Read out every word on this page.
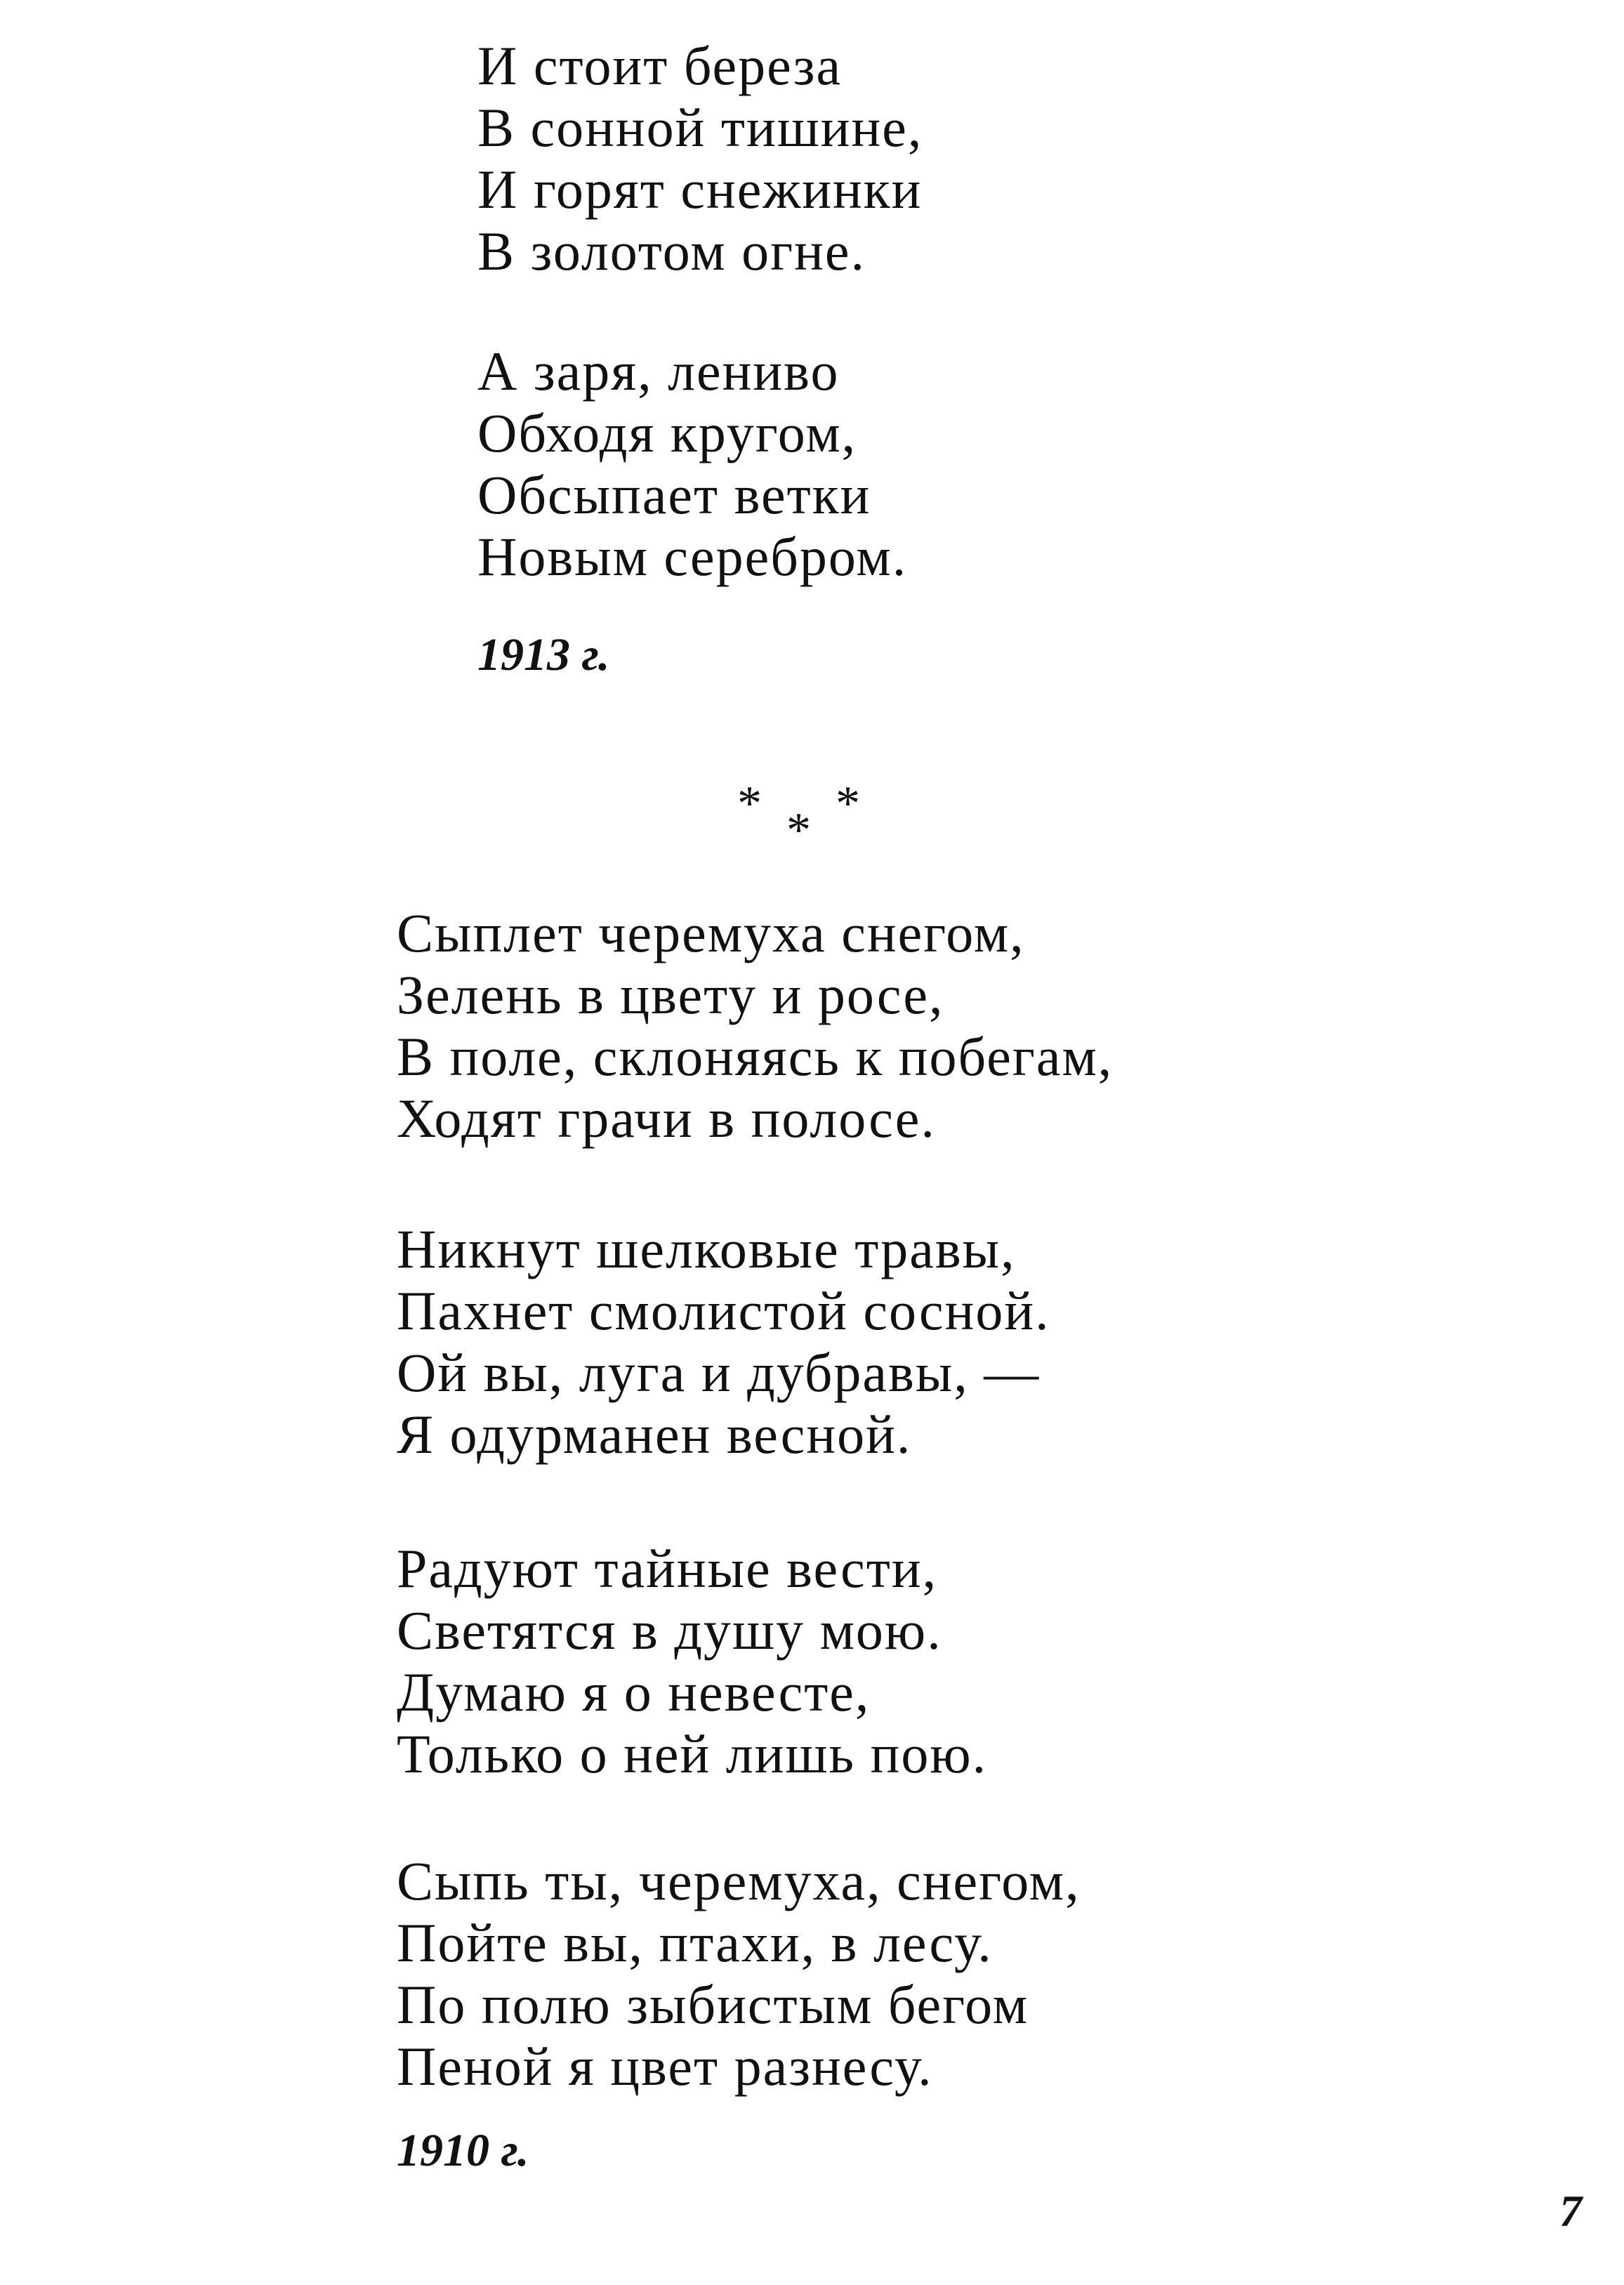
И стоит береза
В сонной тишине,
И горят снежинки
В золотом огне.
А заря, лениво
Обходя кругом,
Обсыпает ветки
Новым серебром.
1913 г.
* * *
Сыплет черемуха снегом,
Зелень в цвету и росе,
В поле, склоняясь к побегам,
Ходят грачи в полосе.
Никнут шелковые травы,
Пахнет смолистой сосной.
Ой вы, луга и дубравы, —
Я одурманен весной.
Радуют тайные вести,
Светятся в душу мою.
Думаю я о невесте,
Только о ней лишь пою.
Сыпь ты, черемуха, снегом,
Пойте вы, птахи, в лесу.
По полю зыбистым бегом
Пеной я цвет разнесу.
1910 г.
7
